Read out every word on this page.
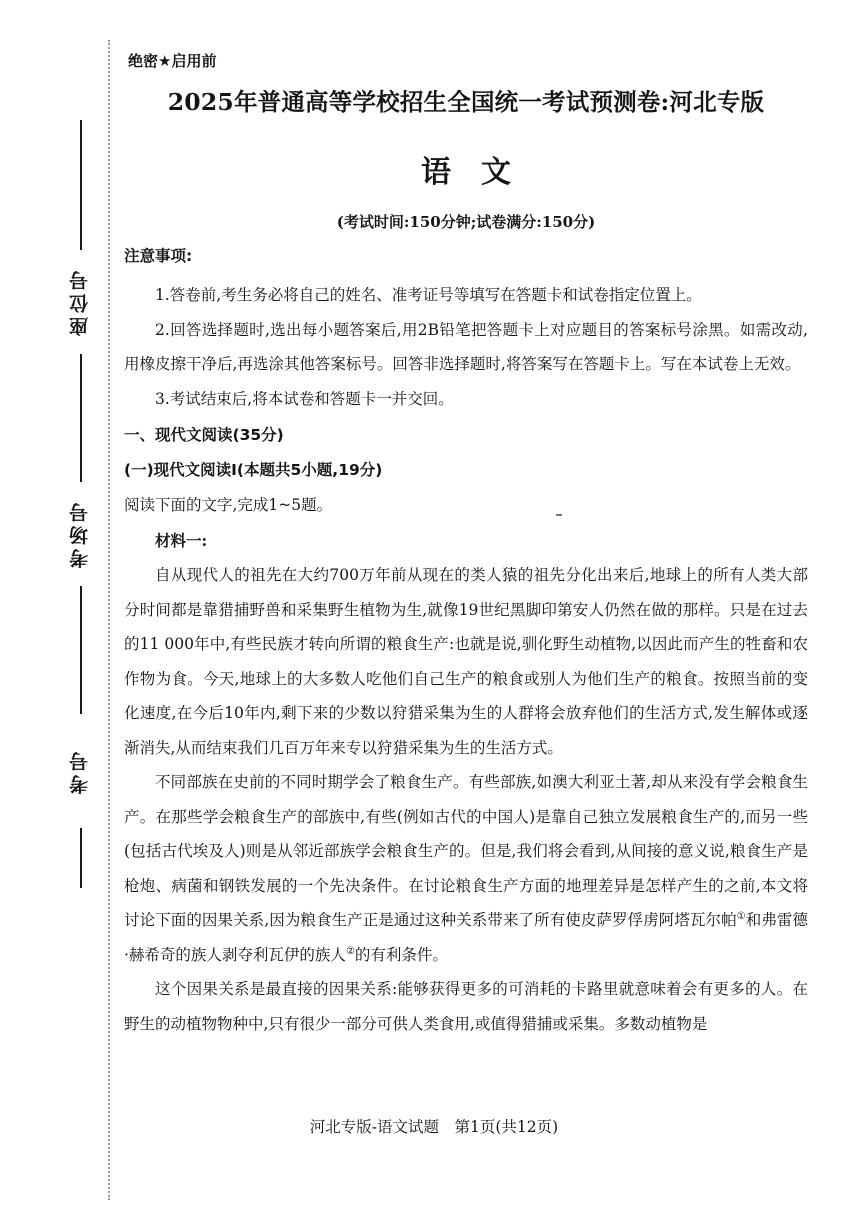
座位号
考场号
考号
绝密★启用前
2025年普通高等学校招生全国统一考试预测卷:河北专版
语　文
(考试时间:150分钟;试卷满分:150分)
注意事项:

1.答卷前,考生务必将自己的姓名、准考证号等填写在答题卡和试卷指定位置上。

2.回答选择题时,选出每小题答案后,用2B铅笔把答题卡上对应题目的答案标号涂黑。如需改动,用橡皮擦干净后,再选涂其他答案标号。回答非选择题时,将答案写在答题卡上。写在本试卷上无效。

3.考试结束后,将本试卷和答题卡一并交回。

一、现代文阅读(35分)
(一)现代文阅读Ⅰ(本题共5小题,19分)

阅读下面的文字,完成1~5题。

材料一:

自从现代人的祖先在大约700万年前从现在的类人猿的祖先分化出来后,地球上的所有人类大部分时间都是靠猎捕野兽和采集野生植物为生,就像19世纪黑脚印第安人仍然在做的那样。只是在过去的11 000年中,有些民族才转向所谓的粮食生产:也就是说,驯化野生动植物,以因此而产生的牲畜和农作物为食。今天,地球上的大多数人吃他们自己生产的粮食或别人为他们生产的粮食。按照当前的变化速度,在今后10年内,剩下来的少数以狩猎采集为生的人群将会放弃他们的生活方式,发生解体或逐渐消失,从而结束我们几百万年来专以狩猎采集为生的生活方式。

不同部族在史前的不同时期学会了粮食生产。有些部族,如澳大利亚土著,却从来没有学会粮食生产。在那些学会粮食生产的部族中,有些(例如古代的中国人)是靠自己独立发展粮食生产的,而另一些(包括古代埃及人)则是从邻近部族学会粮食生产的。但是,我们将会看到,从间接的意义说,粮食生产是枪炮、病菌和钢铁发展的一个先决条件。在讨论粮食生产方面的地理差异是怎样产生的之前,本文将讨论下面的因果关系,因为粮食生产正是通过这种关系带来了所有使皮萨罗俘虏阿塔瓦尔帕①和弗雷德·赫希奇的族人剥夺利瓦伊的族人②的有利条件。

这个因果关系是最直接的因果关系:能够获得更多的可消耗的卡路里就意味着会有更多的人。在野生的动植物物种中,只有很少一部分可供人类食用,或值得猎捕或采集。多数动植物是

河北专版-语文试题　第1页(共12页)
